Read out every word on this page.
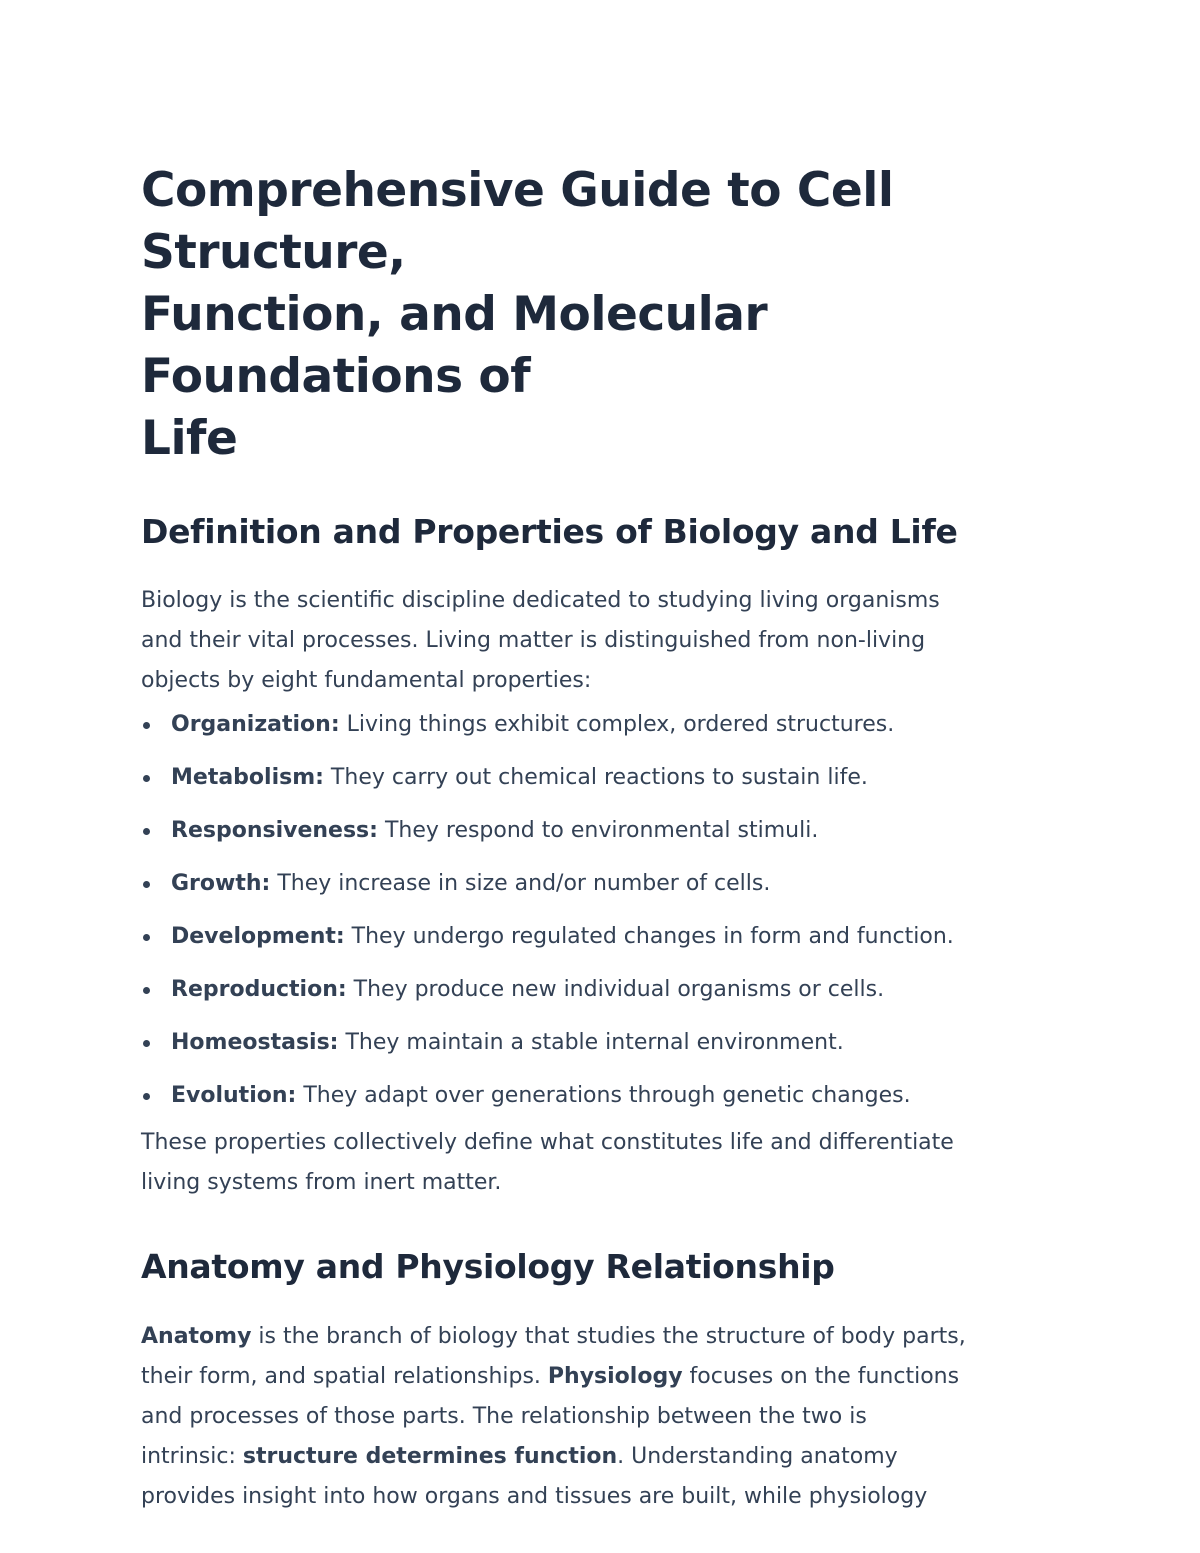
Comprehensive Guide to Cell Structure,
Function, and Molecular Foundations of
Life
Definition and Properties of Biology and Life

Biology is the scientific discipline dedicated to studying living organisms
and their vital processes. Living matter is distinguished from non-living
objects by eight fundamental properties:

Organization: Living things exhibit complex, ordered structures.
Metabolism: They carry out chemical reactions to sustain life.
Responsiveness: They respond to environmental stimuli.
Growth: They increase in size and/or number of cells.
Development: They undergo regulated changes in form and function.
Reproduction: They produce new individual organisms or cells.
Homeostasis: They maintain a stable internal environment.
Evolution: They adapt over generations through genetic changes.

These properties collectively define what constitutes life and differentiate
living systems from inert matter.

Anatomy and Physiology Relationship

Anatomy is the branch of biology that studies the structure of body parts,
their form, and spatial relationships. Physiology focuses on the functions
and processes of those parts. The relationship between the two is
intrinsic: structure determines function. Understanding anatomy
provides insight into how organs and tissues are built, while physiology
